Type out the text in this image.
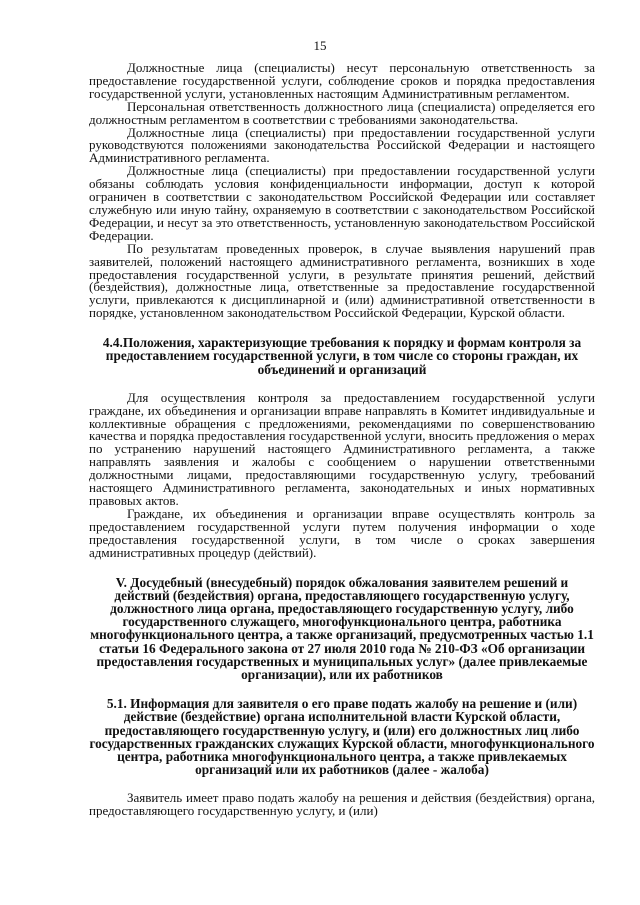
15

Должностные лица (специалисты) несут персональную ответственность за предоставление государственной услуги, соблюдение сроков и порядка предоставления государственной услуги, установленных настоящим Административным регламентом.

Персональная ответственность должностного лица (специалиста) определяется его должностным регламентом в соответствии с требованиями законодательства.

Должностные лица (специалисты) при предоставлении государственной услуги руководствуются положениями законодательства Российской Федерации и настоящего Административного регламента.

Должностные лица (специалисты) при предоставлении государственной услуги обязаны соблюдать условия конфиденциальности информации, доступ к которой ограничен в соответствии с законодательством Российской Федерации или составляет служебную или иную тайну, охраняемую в соответствии с законодательством Российской Федерации, и несут за это ответственность, установленную законодательством Российской Федерации.

По результатам проведенных проверок, в случае выявления нарушений прав заявителей, положений настоящего административного регламента, возникших в ходе предоставления государственной услуги, в результате принятия решений, действий (бездействия), должностные лица, ответственные за предоставление государственной услуги, привлекаются к дисциплинарной и (или) административной ответственности в порядке, установленном законодательством Российской Федерации, Курской области.

4.4.Положения, характеризующие требования к порядку и формам контроля за предоставлением государственной услуги, в том числе со стороны граждан, их объединений и организаций

Для осуществления контроля за предоставлением государственной услуги граждане, их объединения и организации вправе направлять в Комитет индивидуальные и коллективные обращения с предложениями, рекомендациями по совершенствованию качества и порядка предоставления государственной услуги, вносить предложения о мерах по устранению нарушений настоящего Административного регламента, а также направлять заявления и жалобы с сообщением о нарушении ответственными должностными лицами, предоставляющими государственную услугу, требований настоящего Административного регламента, законодательных и иных нормативных правовых актов.

Граждане, их объединения и организации вправе осуществлять контроль за предоставлением государственной услуги путем получения информации о ходе предоставления государственной услуги, в том числе о сроках завершения административных процедур (действий).

V. Досудебный (внесудебный) порядок обжалования заявителем решений и действий (бездействия) органа, предоставляющего государственную услугу, должностного лица органа, предоставляющего государственную услугу, либо государственного служащего, многофункционального центра, работника многофункционального центра, а также организаций, предусмотренных частью 1.1 статьи 16 Федерального закона от 27 июля 2010 года № 210-ФЗ «Об организации предоставления государственных и муниципальных услуг» (далее привлекаемые организации), или их работников

5.1. Информация для заявителя о его праве подать жалобу на решение и (или) действие (бездействие) органа исполнительной власти Курской области, предоставляющего государственную услугу, и (или) его должностных лиц либо государственных гражданских служащих Курской области, многофункционального центра, работника многофункционального центра, а также привлекаемых организаций или их работников (далее - жалоба)

Заявитель имеет право подать жалобу на решения и действия (бездействия) органа, предоставляющего государственную услугу, и (или)
